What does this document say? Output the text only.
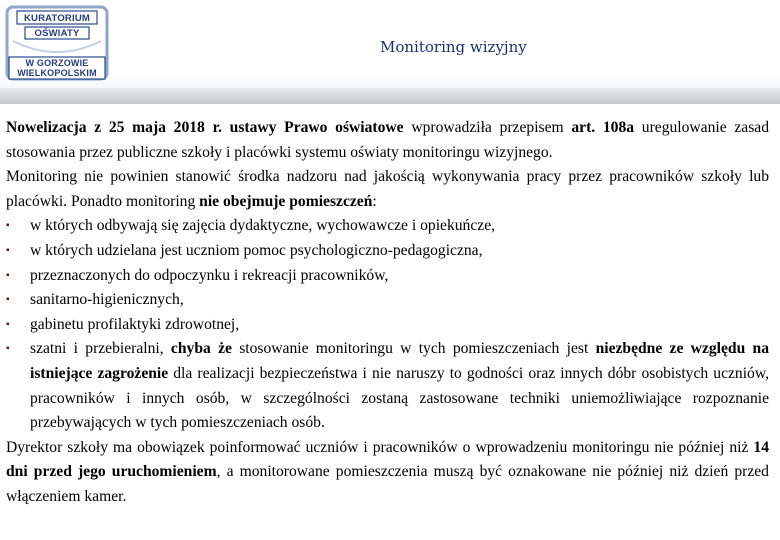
KURATORIUM
OŚWIATY
W GORZOWIE
WIELKOPOLSKIM
Monitoring wizyjny

Nowelizacja z 25 maja 2018 r. ustawy Prawo oświatowe wprowadziła przepisem art. 108a uregulowanie zasad stosowania przez publiczne szkoły i placówki systemu oświaty monitoringu wizyjnego.

Monitoring nie powinien stanowić środka nadzoru nad jakością wykonywania pracy przez pracowników szkoły lub placówki. Ponadto monitoring nie obejmuje pomieszczeń:

▪ w których odbywają się zajęcia dydaktyczne, wychowawcze i opiekuńcze,
▪ w których udzielana jest uczniom pomoc psychologiczno-pedagogiczna,
▪ przeznaczonych do odpoczynku i rekreacji pracowników,
▪ sanitarno-higienicznych,
▪ gabinetu profilaktyki zdrowotnej,
▪ szatni i przebieralni, chyba że stosowanie monitoringu w tych pomieszczeniach jest niezbędne ze względu na istniejące zagrożenie dla realizacji bezpieczeństwa i nie naruszy to godności oraz innych dóbr osobistych uczniów, pracowników i innych osób, w szczególności zostaną zastosowane techniki uniemożliwiające rozpoznanie przebywających w tych pomieszczeniach osób.

Dyrektor szkoły ma obowiązek poinformować uczniów i pracowników o wprowadzeniu monitoringu nie później niż 14 dni przed jego uruchomieniem, a monitorowane pomieszczenia muszą być oznakowane nie później niż dzień przed włączeniem kamer.
